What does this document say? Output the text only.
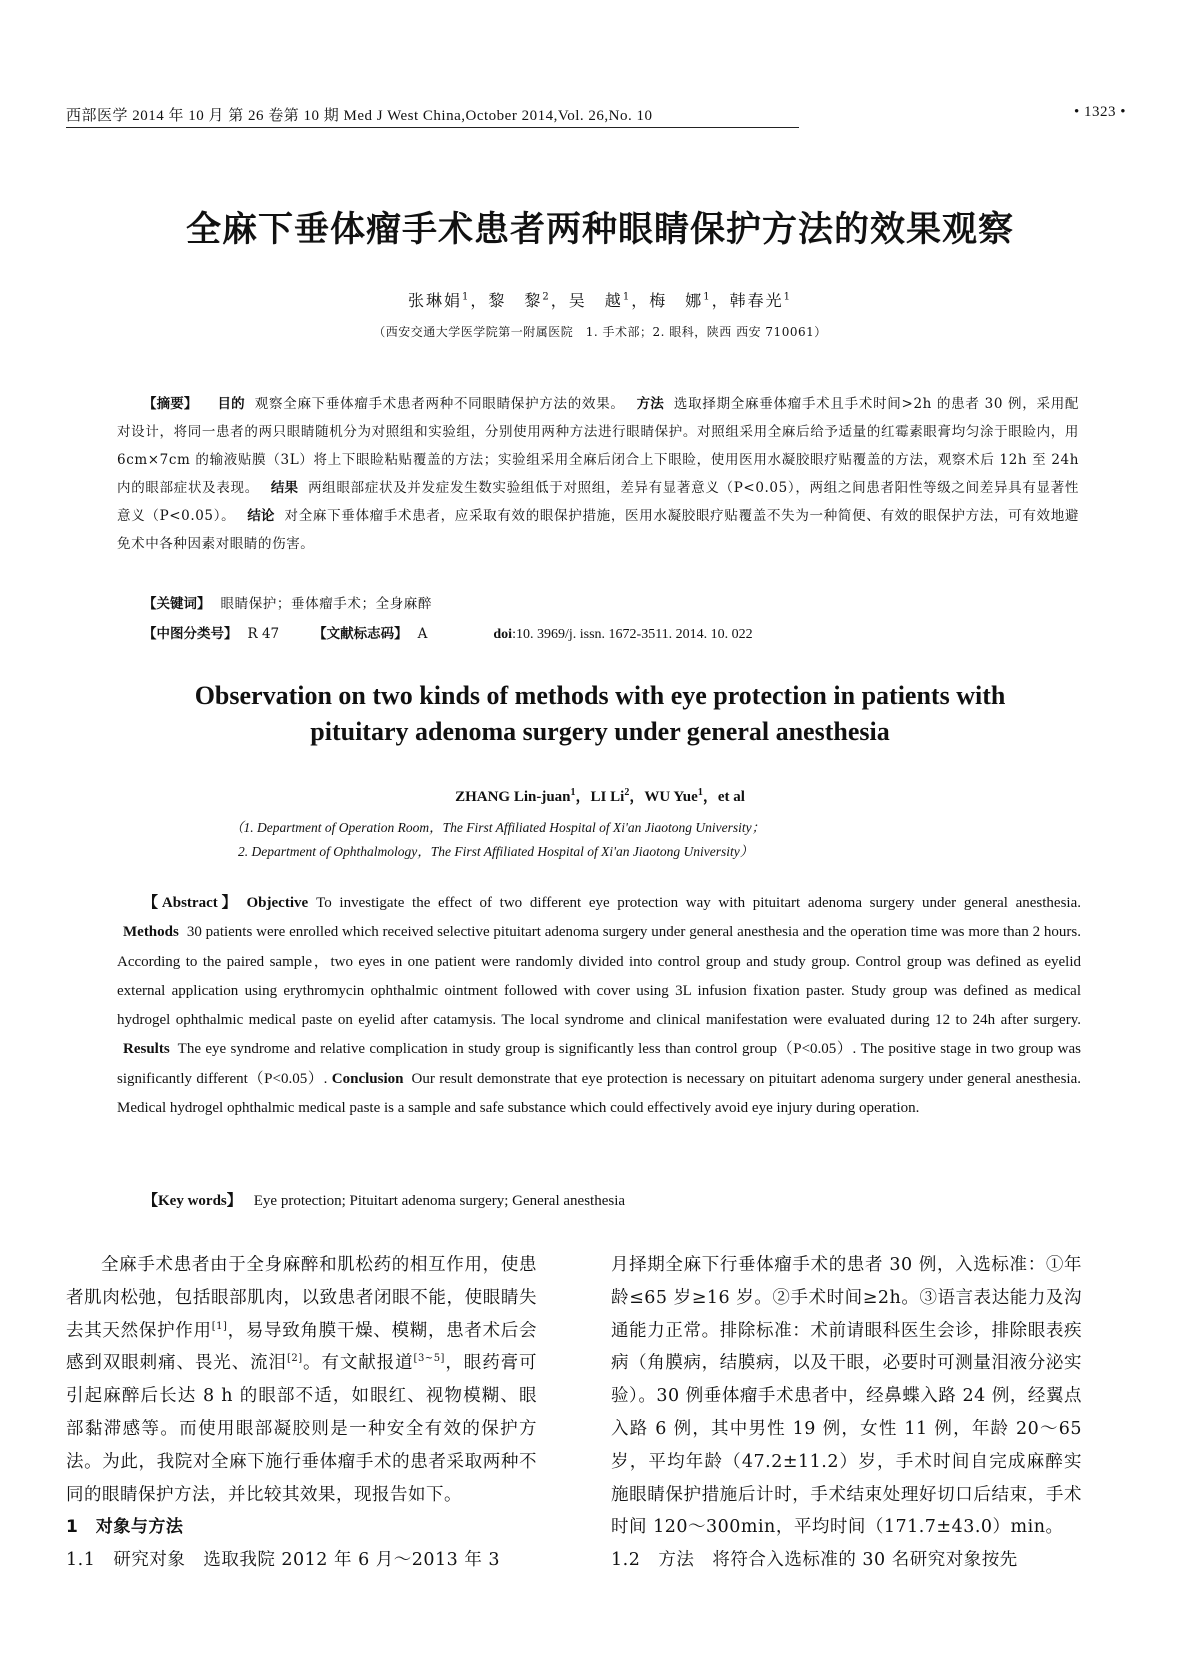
西部医学 2014 年 10 月 第 26 卷第 10 期 Med J West China,October 2014,Vol. 26,No. 10	• 1323 •
全麻下垂体瘤手术患者两种眼睛保护方法的效果观察
张琳娟$^1$，黎　黎$^2$，吴　越$^1$，梅　娜$^1$，韩春光$^1$
（西安交通大学医学院第一附属医院　1. 手术部；2. 眼科，陕西 西安 710061）
【摘要】 目的 观察全麻下垂体瘤手术患者两种不同眼睛保护方法的效果。 方法 选取择期全麻垂体瘤手术且手术时间>2h 的患者 30 例，采用配对设计，将同一患者的两只眼睛随机分为对照组和实验组，分别使用两种方法进行眼睛保护。对照组采用全麻后给予适量的红霉素眼膏均匀涂于眼睑内，用 6cm×7cm 的输液贴膜（3L）将上下眼睑粘贴覆盖的方法；实验组采用全麻后闭合上下眼睑，使用医用水凝胶眼疗贴覆盖的方法，观察术后 12h 至 24h 内的眼部症状及表现。 结果 两组眼部症状及并发症发生数实验组低于对照组，差异有显著意义（P<0.05），两组之间患者阳性等级之间差异具有显著性意义（P<0.05）。 结论 对全麻下垂体瘤手术患者，应采取有效的眼保护措施，医用水凝胶眼疗贴覆盖不失为一种简便、有效的眼保护方法，可有效地避免术中各种因素对眼睛的伤害。
【关键词】 眼睛保护；垂体瘤手术；全身麻醉
【中图分类号】 R 47	【文献标志码】 A	doi:10. 3969/j. issn. 1672-3511. 2014. 10. 022
Observation on two kinds of methods with eye protection in patients with
pituitary adenoma surgery under general anesthesia
ZHANG Lin-juan$^1$，LI Li$^2$，WU Yue$^1$，et al
（1. Department of Operation Room，The First Affiliated Hospital of Xi'an Jiaotong University；
2. Department of Ophthalmology，The First Affiliated Hospital of Xi'an Jiaotong University）
【Abstract】 Objective To investigate the effect of two different eye protection way with pituitart adenoma surgery under general anesthesia. Methods 30 patients were enrolled which received selective pituitart adenoma surgery under general anesthesia and the operation time was more than 2 hours. According to the paired sample，two eyes in one patient were randomly divided into control group and study group. Control group was defined as eyelid external application using erythromycin ophthalmic ointment followed with cover using 3L infusion fixation paster. Study group was defined as medical hydrogel ophthalmic medical paste on eyelid after catamysis. The local syndrome and clinical manifestation were evaluated during 12 to 24h after surgery. Results The eye syndrome and relative complication in study group is significantly less than control group（P<0.05）. The positive stage in two group was significantly different（P<0.05）. Conclusion Our result demonstrate that eye protection is necessary on pituitart adenoma surgery under general anesthesia. Medical hydrogel ophthalmic medical paste is a sample and safe substance which could effectively avoid eye injury during operation.
【Key words】 Eye protection; Pituitart adenoma surgery; General anesthesia

全麻手术患者由于全身麻醉和肌松药的相互作用，使患者肌肉松弛，包括眼部肌肉，以致患者闭眼不能，使眼睛失去其天然保护作用[1]，易导致角膜干燥、模糊，患者术后会感到双眼刺痛、畏光、流泪[2]。有文献报道[3~5]，眼药膏可引起麻醉后长达 8 h 的眼部不适，如眼红、视物模糊、眼部黏滞感等。而使用眼部凝胶则是一种安全有效的保护方法。为此，我院对全麻下施行垂体瘤手术的患者采取两种不同的眼睛保护方法，并比较其效果，现报告如下。

1　对象与方法

1.1　研究对象　 选取我院 2012 年 6 月～2013 年 3

月择期全麻下行垂体瘤手术的患者 30 例，入选标准：①年龄≤65 岁≥16 岁。②手术时间≥2h。③语言表达能力及沟通能力正常。排除标准：术前请眼科医生会诊，排除眼表疾病（角膜病，结膜病，以及干眼，必要时可测量泪液分泌实验）。30 例垂体瘤手术患者中，经鼻蝶入路 24 例，经翼点入路 6 例，其中男性 19 例，女性 11 例，年龄 20～65 岁，平均年龄（47.2±11.2）岁，手术时间自完成麻醉实施眼睛保护措施后计时，手术结束处理好切口后结束，手术时间 120～300min，平均时间（171.7±43.0）min。

1.2　方法　 将符合入选标准的 30 名研究对象按先
